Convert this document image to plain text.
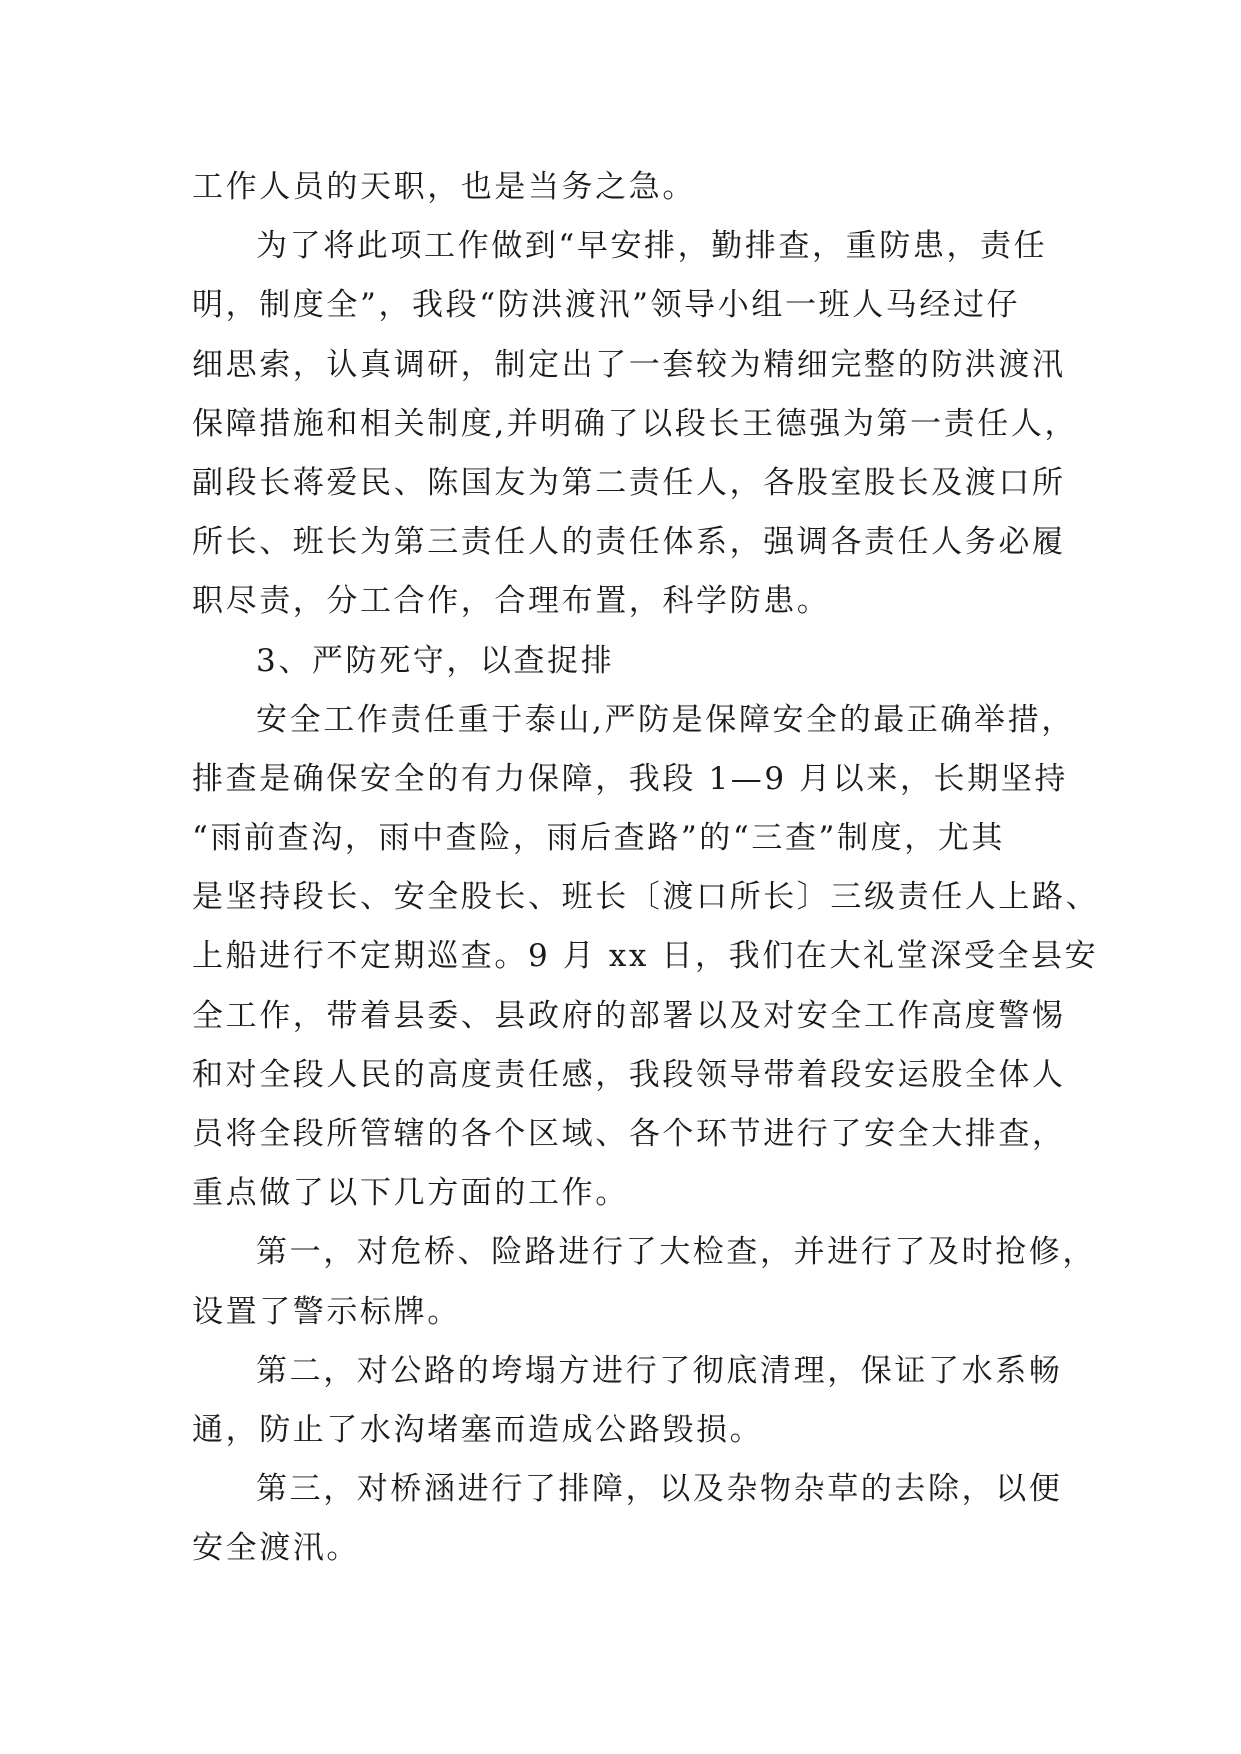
工作人员的天职，也是当务之急。
为了将此项工作做到“早安排，勤排查，重防患，责任
明，制度全”，我段“防洪渡汛”领导小组一班人马经过仔
细思索，认真调研，制定出了一套较为精细完整的防洪渡汛
保障措施和相关制度,并明确了以段长王德强为第一责任人，
副段长蒋爱民、陈国友为第二责任人，各股室股长及渡口所
所长、班长为第三责任人的责任体系，强调各责任人务必履
职尽责，分工合作，合理布置，科学防患。
3、严防死守，以查捉排
安全工作责任重于泰山,严防是保障安全的最正确举措，
排查是确保安全的有力保障，我段 1—9 月以来，长期坚持
“雨前查沟，雨中查险，雨后查路”的“三查”制度，尤其
是坚持段长、安全股长、班长〔渡口所长〕三级责任人上路、
上船进行不定期巡查。9 月 xx 日，我们在大礼堂深受全县安
全工作，带着县委、县政府的部署以及对安全工作高度警惕
和对全段人民的高度责任感，我段领导带着段安运股全体人
员将全段所管辖的各个区域、各个环节进行了安全大排查，
重点做了以下几方面的工作。
第一，对危桥、险路进行了大检查，并进行了及时抢修，
设置了警示标牌。
第二，对公路的垮塌方进行了彻底清理，保证了水系畅
通，防止了水沟堵塞而造成公路毁损。
第三，对桥涵进行了排障，以及杂物杂草的去除，以便
安全渡汛。
